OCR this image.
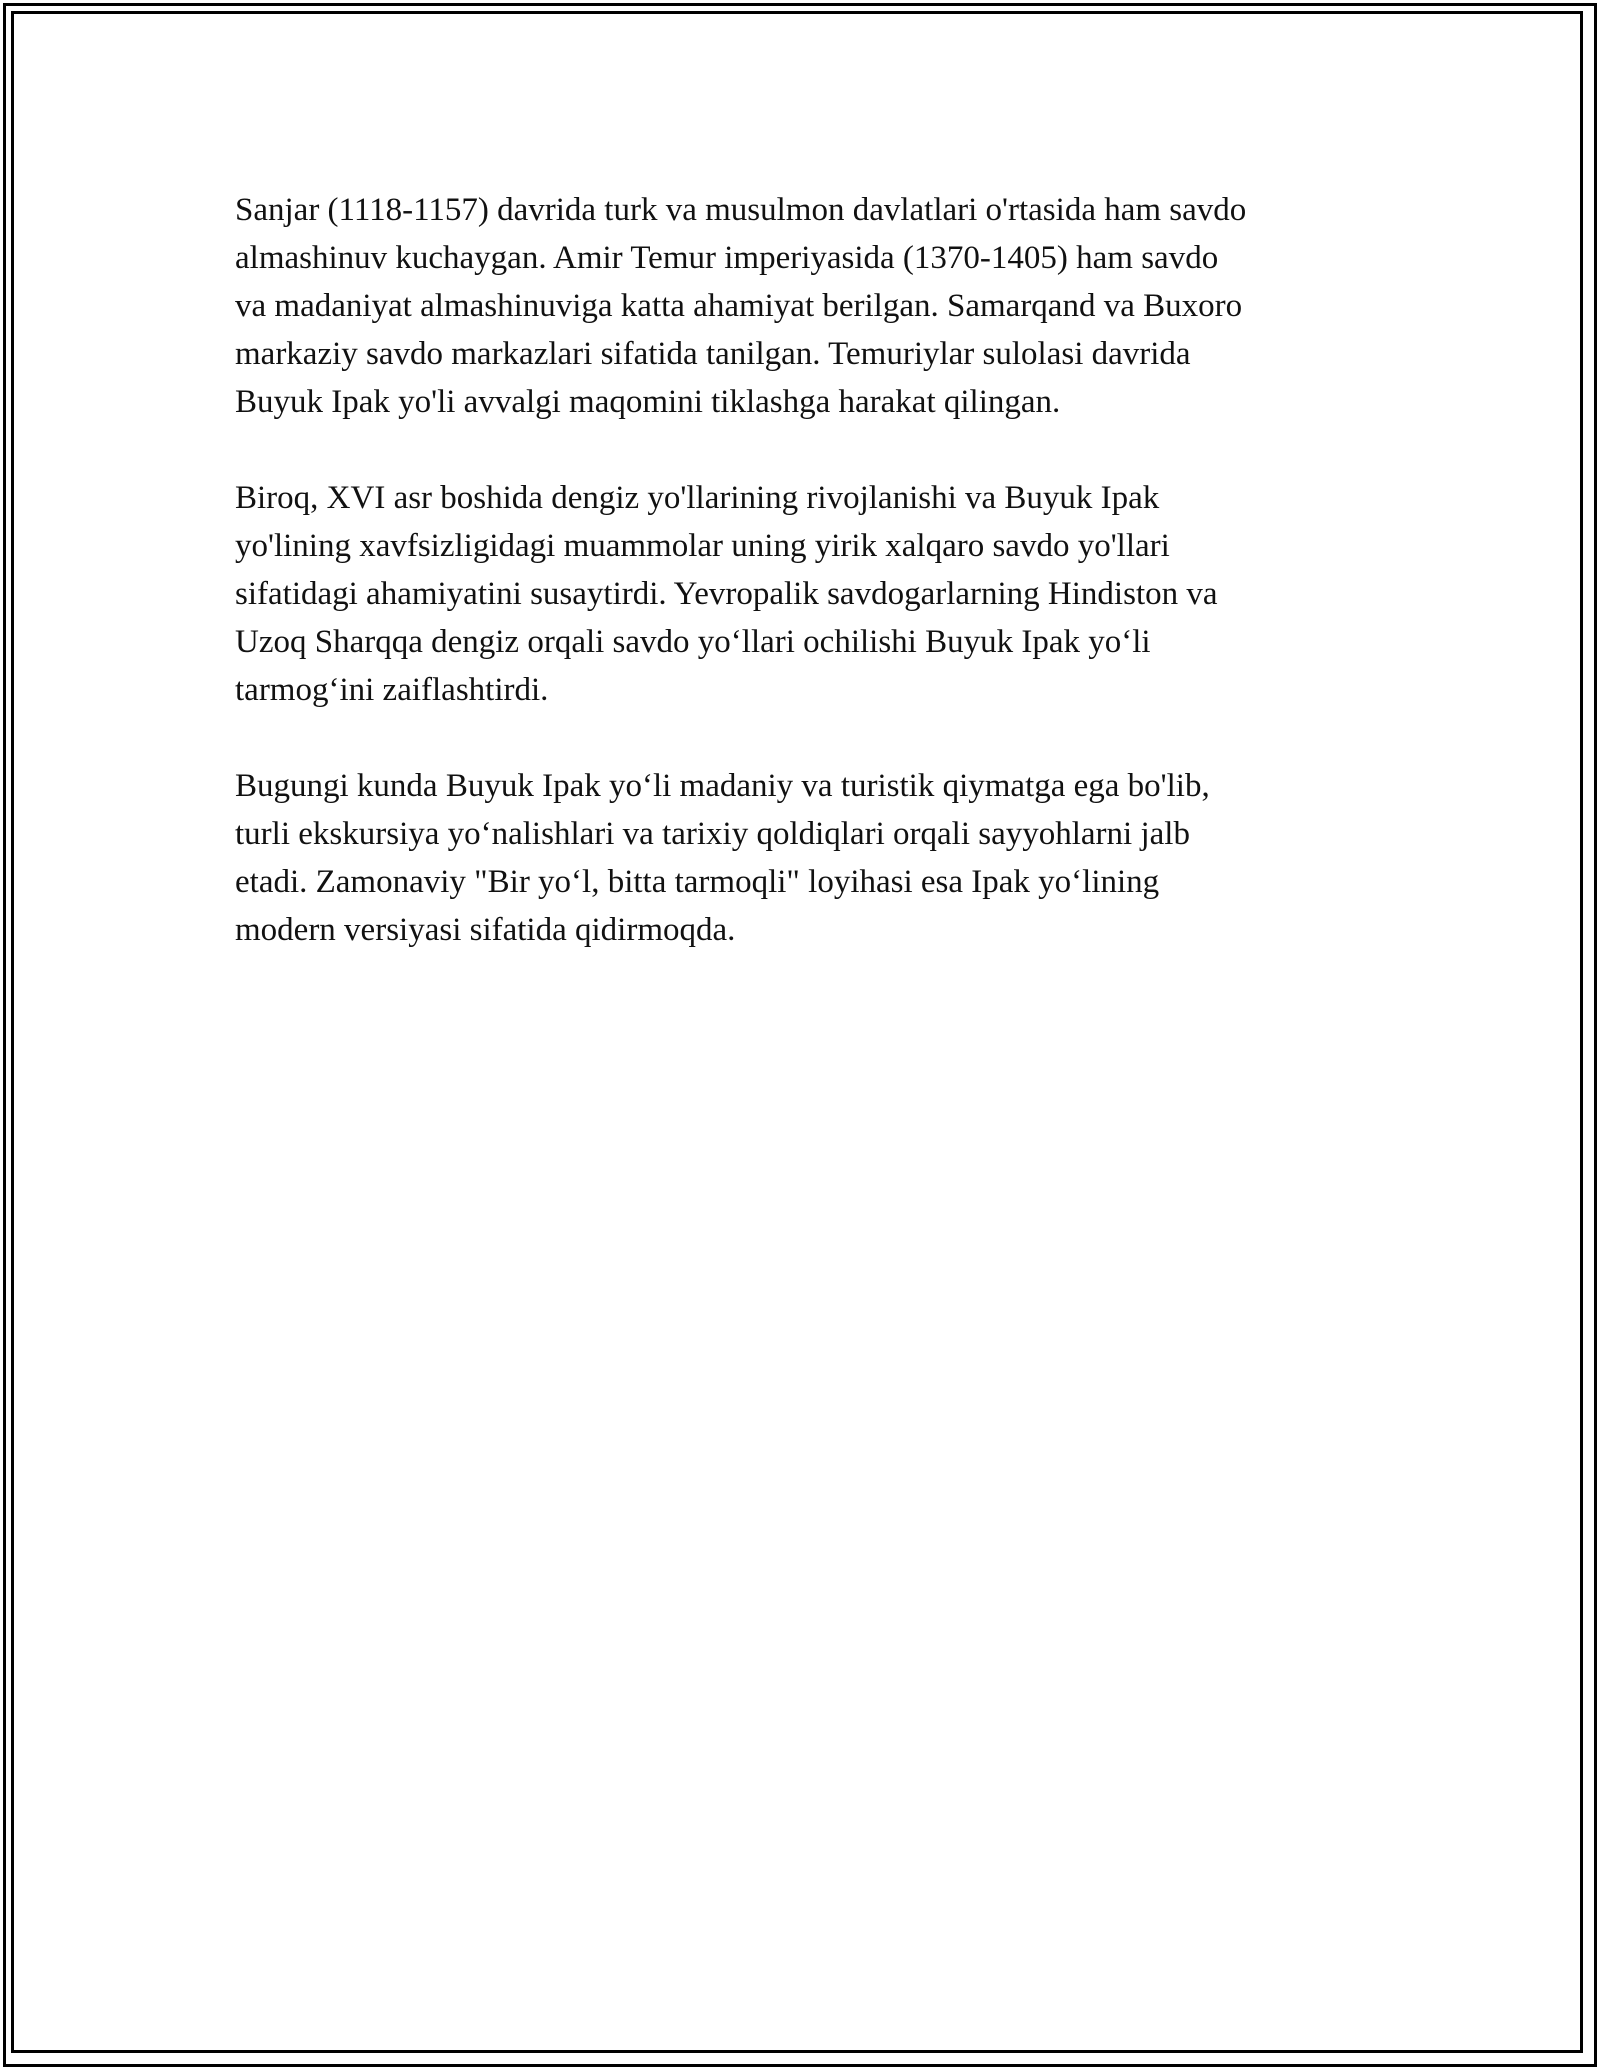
Sanjar (1118-1157) davrida turk va musulmon davlatlari o'rtasida ham savdo
almashinuv kuchaygan. Amir Temur imperiyasida (1370-1405) ham savdo
va madaniyat almashinuviga katta ahamiyat berilgan. Samarqand va Buxoro
markaziy savdo markazlari sifatida tanilgan. Temuriylar sulolasi davrida
Buyuk Ipak yo'li avvalgi maqomini tiklashga harakat qilingan.

Biroq, XVI asr boshida dengiz yo'llarining rivojlanishi va Buyuk Ipak
yo'lining xavfsizligidagi muammolar uning yirik xalqaro savdo yo'llari
sifatidagi ahamiyatini susaytirdi. Yevropalik savdogarlarning Hindiston va
Uzoq Sharqqa dengiz orqali savdo yo‘llari ochilishi Buyuk Ipak yo‘li
tarmog‘ini zaiflashtirdi.

Bugungi kunda Buyuk Ipak yo‘li madaniy va turistik qiymatga ega bo'lib,
turli ekskursiya yo‘nalishlari va tarixiy qoldiqlari orqali sayyohlarni jalb
etadi. Zamonaviy "Bir yo‘l, bitta tarmoqli" loyihasi esa Ipak yo‘lining
modern versiyasi sifatida qidirmoqda.
